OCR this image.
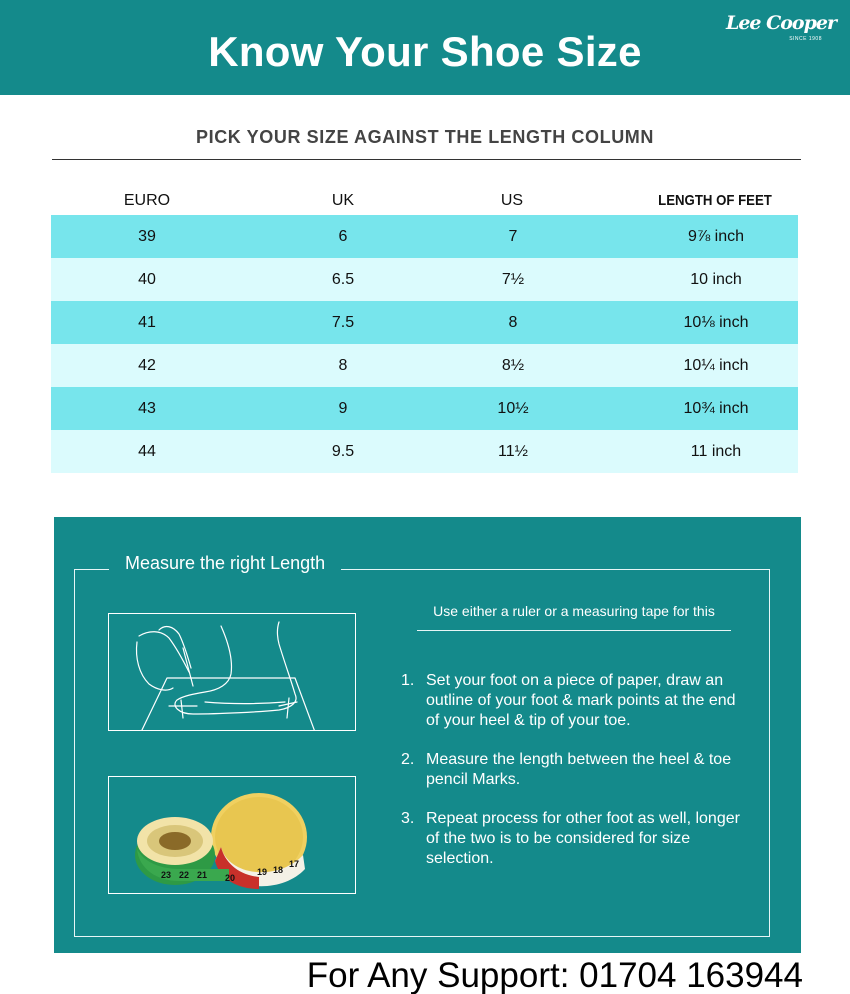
Know Your Shoe Size
Lee Cooper
SINCE 1908
PICK YOUR SIZE AGAINST THE LENGTH COLUMN
EURO	UK	US	LENGTH OF FEET
39	6	7	9⅞ inch
40	6.5	7½	10 inch
41	7.5	8	10⅛ inch
42	8	8½	10¼ inch
43	9	10½	10¾ inch
44	9.5	11½	11 inch
Measure the right Length
23 22 21 20
19 18
17
Use either a ruler or a measuring tape for this
1. Set your foot on a piece of paper, draw an outline of your foot & mark points at the end of your heel & tip of your toe.
2. Measure the length between the heel & toe pencil Marks.
3. Repeat process for other foot as well, longer of the two is to be considered for size selection.
For Any Support: 01704 163944
